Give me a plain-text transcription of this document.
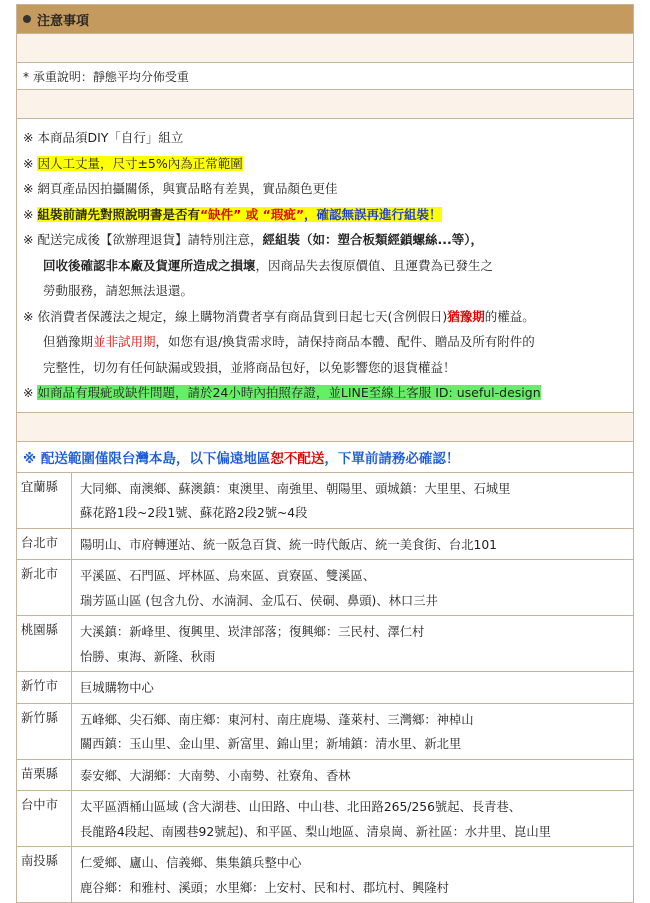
注意事項
* 承重說明：靜態平均分佈受重
※ 本商品須DIY「自行」組立
※ 因人工丈量，尺寸±5%內為正常範圍
※ 網頁產品因拍攝關係，與實品略有差異，實品顏色更佳
※ 組裝前請先對照說明書是否有“缺件” 或 “瑕疵”，確認無誤再進行組裝！
※ 配送完成後【欲辦理退貨】請特別注意，經組裝（如：塑合板類經鎖螺絲...等），
回收後確認非本廠及貨運所造成之損壞，因商品失去復原價值、且運費為已發生之
勞動服務，請恕無法退還。
※ 依消費者保護法之規定，線上購物消費者享有商品貨到日起七天(含例假日)猶豫期的權益。
但猶豫期並非試用期，如您有退/換貨需求時，請保持商品本體、配件、贈品及所有附件的
完整性，切勿有任何缺漏或毀損，並將商品包好，以免影響您的退貨權益！
※ 如商品有瑕疵或缺件問題，請於24小時內拍照存證，並LINE至線上客服 ID: useful-design
※ 配送範圍僅限台灣本島，以下偏遠地區 恕不配送 ，下單前請務必確認！
宜蘭縣	大同鄉、南澳鄉、蘇澳鎮：東澳里、南強里、朝陽里、頭城鎮：大里里、石城里
蘇花路1段~2段1號、蘇花路2段2號~4段

台北市	陽明山、市府轉運站、統一阪急百貨、統一時代飯店、統一美食街、台北101

新北市	平溪區、石門區、坪林區、烏來區、貢寮區、雙溪區、
瑞芳區山區 (包含九份、水湳洞、金瓜石、侯硐、鼻頭)、林口三井

桃園縣	大溪鎮：新峰里、復興里、崁津部落；復興鄉：三民村、澤仁村
怡勝、東海、新隆、秋雨

新竹市	巨城購物中心

新竹縣	五峰鄉、尖石鄉、南庄鄉：東河村、南庄鹿場、蓬萊村、三灣鄉：神棹山
關西鎮：玉山里、金山里、新富里、錦山里；新埔鎮：清水里、新北里

苗栗縣	泰安鄉、大湖鄉：大南勢、小南勢、社寮角、香林

台中市	太平區酒桶山區域 (含大湖巷、山田路、中山巷、北田路265/256號起、長青巷、
長龍路4段起、南國巷92號起)、和平區、梨山地區、清泉崗、新社區：水井里、崑山里

南投縣	仁愛鄉、廬山、信義鄉、集集鎮兵整中心
鹿谷鄉：和雅村、溪頭；水里鄉：上安村、民和村、郡坑村、興隆村
